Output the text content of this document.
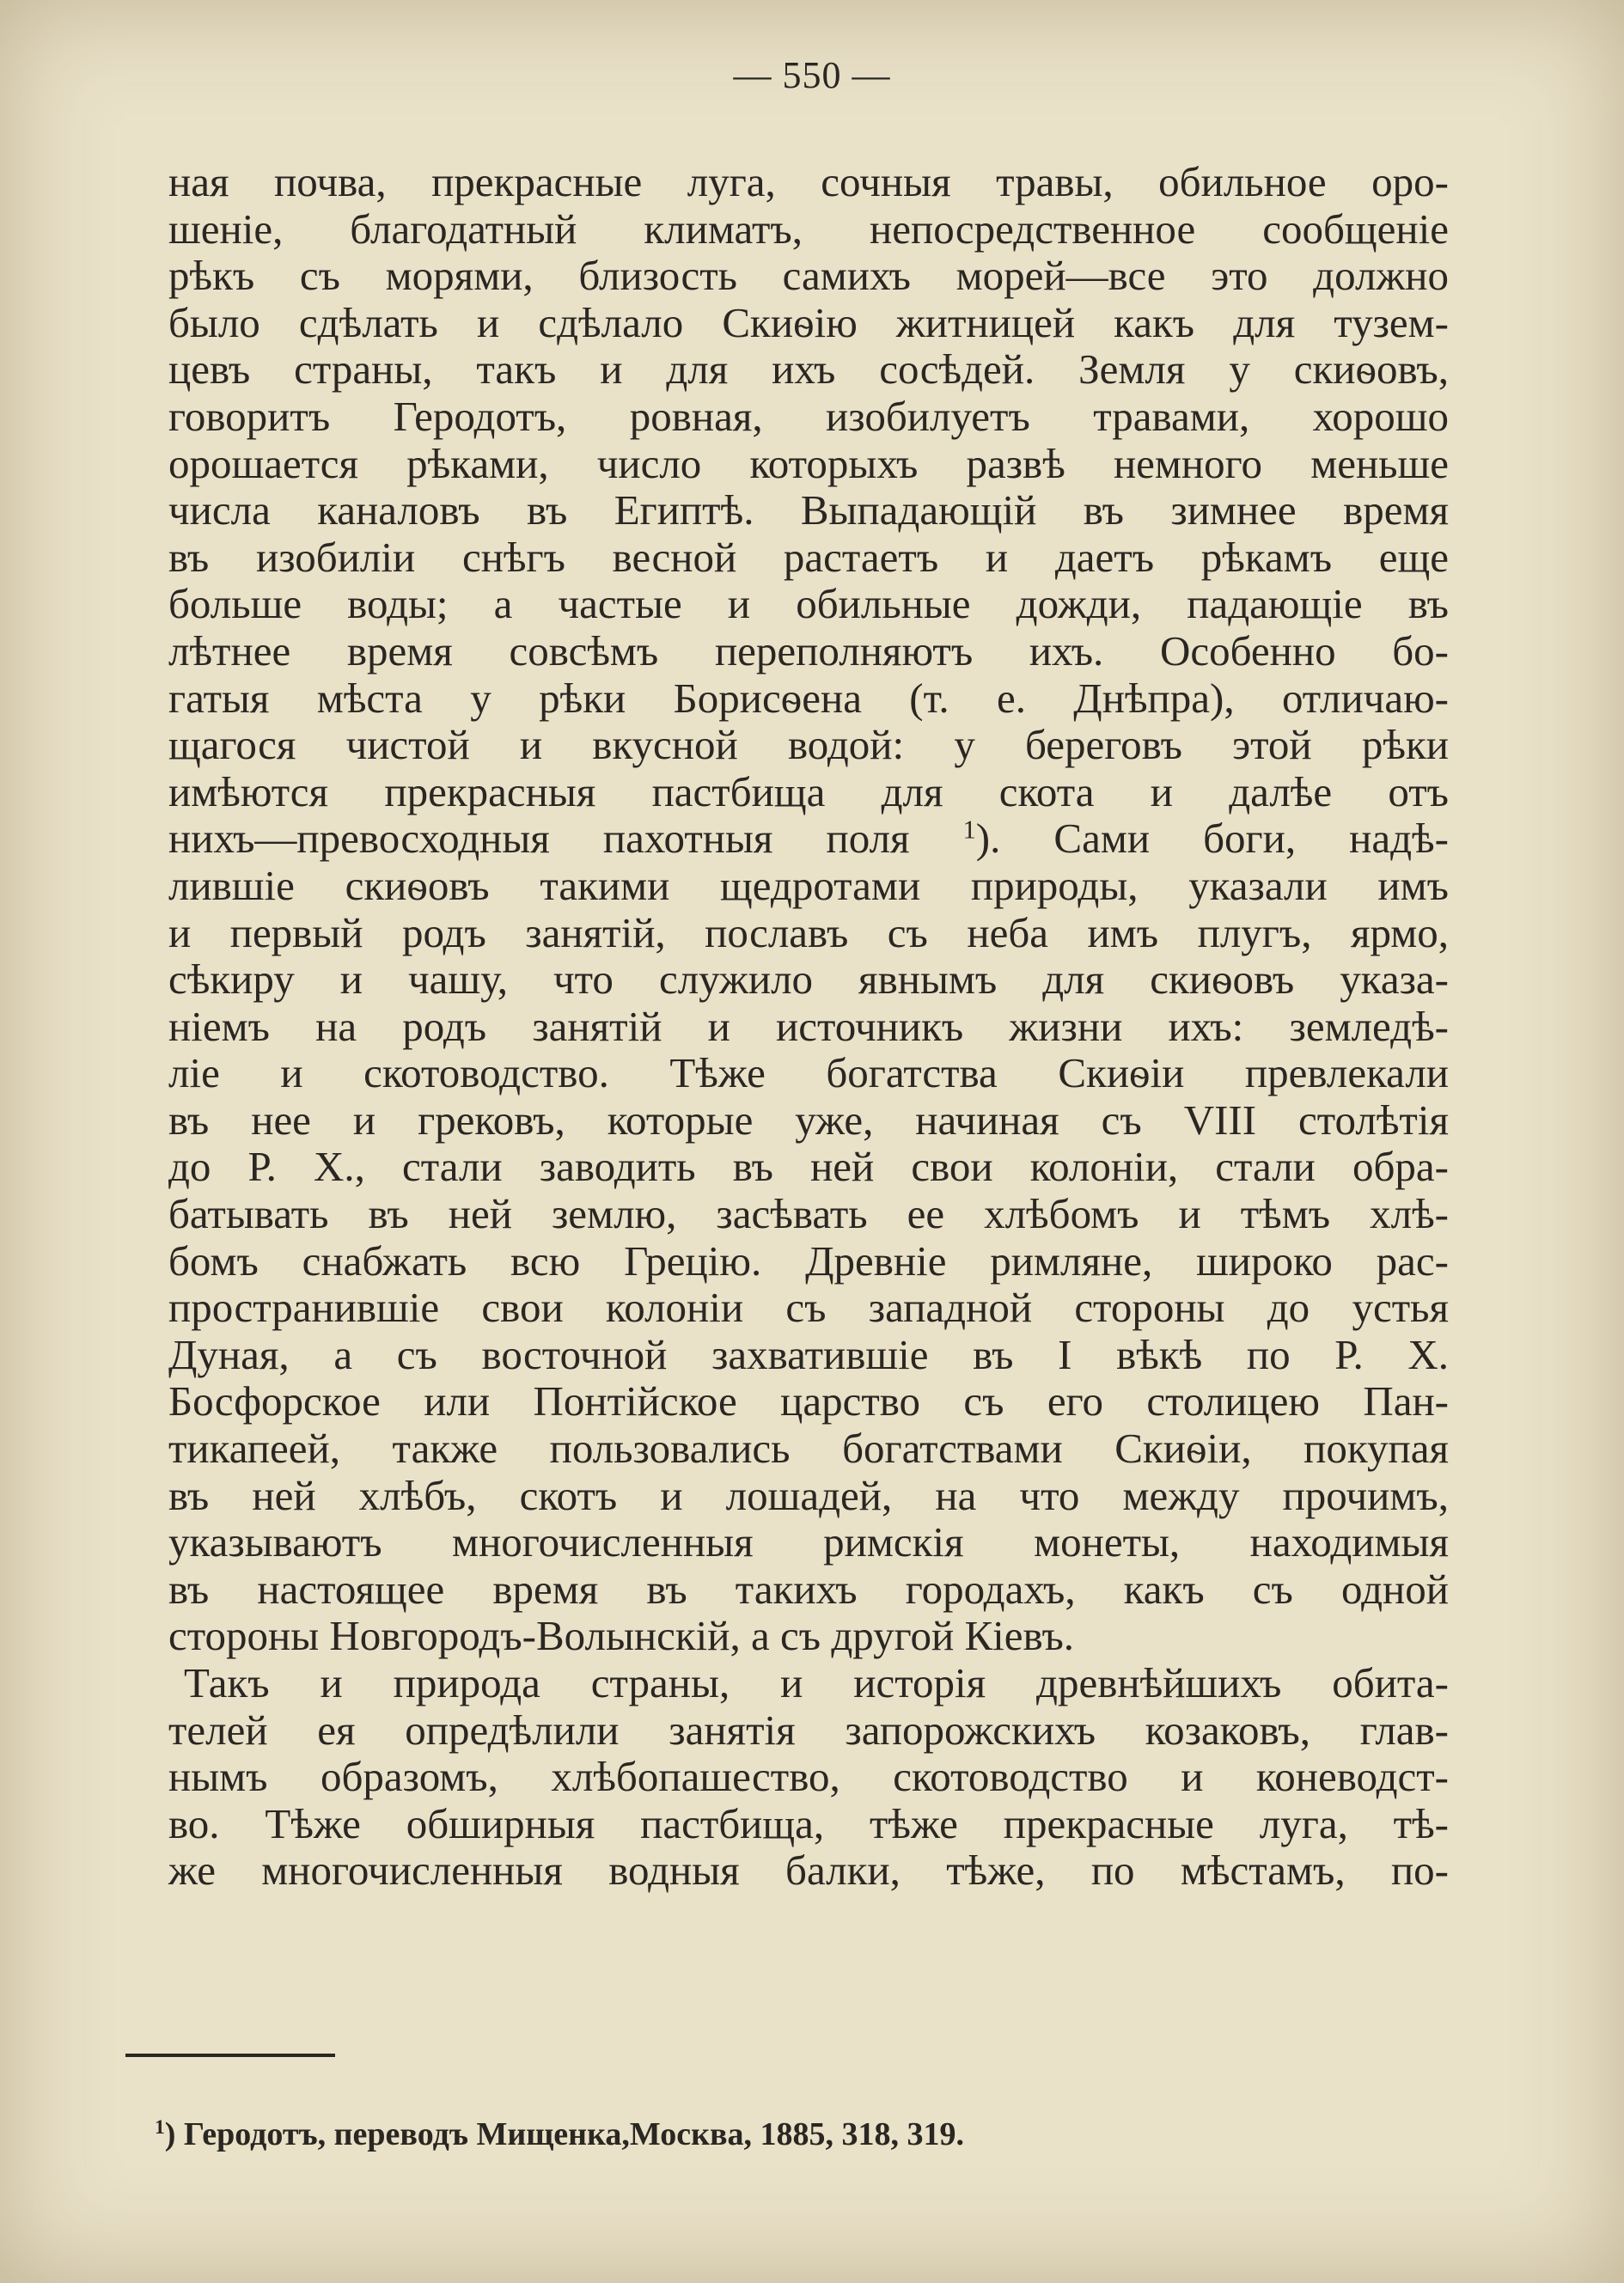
— 550 —
ная почва, прекрасные луга, сочныя травы, обильное оро-
шенiе, благодатный климатъ, непосредственное сообщенiе
рѣкъ съ морями, близость самихъ морей—все это должно
было сдѣлать и сдѣлало Скиѳiю житницей какъ для тузем-
цевъ страны, такъ и для ихъ сосѣдей. Земля у скиѳовъ,
говоритъ Геродотъ, ровная, изобилуетъ травами, хорошо
орошается рѣками, число которыхъ развѣ немного меньше
числа каналовъ въ Египтѣ. Выпадающiй въ зимнее время
въ изобилiи снѣгъ весной растаетъ и даетъ рѣкамъ еще
больше воды; а частые и обильные дожди, падающiе въ
лѣтнее время совсѣмъ переполняютъ ихъ. Особенно бо-
гатыя мѣста у рѣки Борисѳена (т. е. Днѣпра), отличаю-
щагося чистой и вкусной водой: у береговъ этой рѣки
имѣются прекрасныя пастбища для скота и далѣе отъ
нихъ—превосходныя пахотныя поля $^1$). Сами боги, надѣ-
лившiе скиѳовъ такими щедротами природы, указали имъ
и первый родъ занятiй, пославъ съ неба имъ плугъ, ярмо,
сѣкиру и чашу, что служило явнымъ для скиѳовъ указа-
нiемъ на родъ занятiй и источникъ жизни ихъ: земледѣ-
лiе и скотоводство. Тѣже богатства Скиѳiи превлекали
въ нее и грековъ, которые уже, начиная съ VIII столѣтiя
до Р. Х., стали заводить въ ней свои колонiи, стали обра-
батывать въ ней землю, засѣвать ее хлѣбомъ и тѣмъ хлѣ-
бомъ снабжать всю Грецiю. Древнiе римляне, широко рас-
пространившiе свои колонiи съ западной стороны до устья
Дуная, а съ восточной захватившiе въ I вѣкѣ по Р. Х.
Босфорское или Понтiйское царство съ его столицею Пан-
тикапеей, также пользовались богатствами Скиѳiи, покупая
въ ней хлѣбъ, скотъ и лошадей, на что между прочимъ,
указываютъ многочисленныя римскiя монеты, находимыя
въ настоящее время въ такихъ городахъ, какъ съ одной
стороны Новгородъ-Волынскiй, а съ другой Кiевъ.
Такъ и природа страны, и исторiя древнѣйшихъ обита-
телей ея опредѣлили занятiя запорожскихъ козаковъ, глав-
нымъ образомъ, хлѣбопашество, скотоводство и коневодст-
во. Тѣже обширныя пастбища, тѣже прекрасные луга, тѣ-
же многочисленныя водныя балки, тѣже, по мѣстамъ, по-
$^1$) Геродотъ, переводъ Мищенка,Москва, 1885, 318, 319.
